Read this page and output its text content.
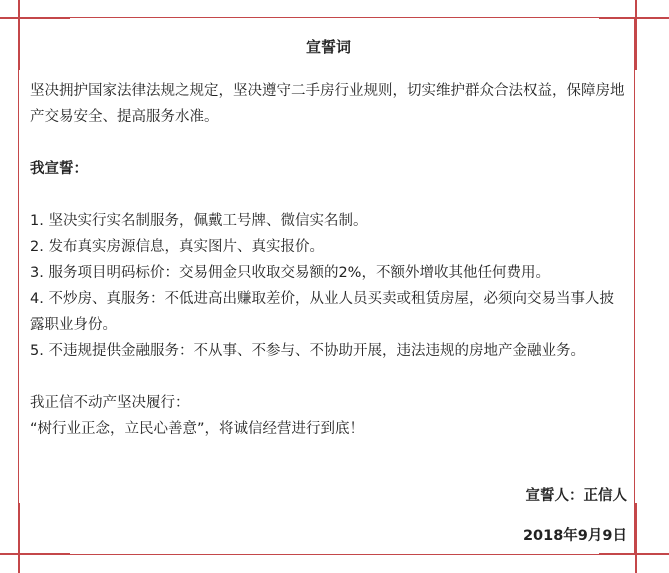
宣誓词

坚决拥护国家法律法规之规定，坚决遵守二手房行业规则，切实维护群众合法权益，保障房地产交易安全、提高服务水准。

我宣誓：

1. 坚决实行实名制服务，佩戴工号牌、微信实名制。

2. 发布真实房源信息，真实图片、真实报价。

3. 服务项目明码标价：交易佣金只收取交易额的2%，不额外增收其他任何费用。

4. 不炒房、真服务：不低进高出赚取差价，从业人员买卖或租赁房屋，必须向交易当事人披露职业身份。

5. 不违规提供金融服务：不从事、不参与、不协助开展，违法违规的房地产金融业务。

我正信不动产坚决履行：

“树行业正念，立民心善意”，将诚信经营进行到底！

宣誓人：正信人

2018年9月9日
